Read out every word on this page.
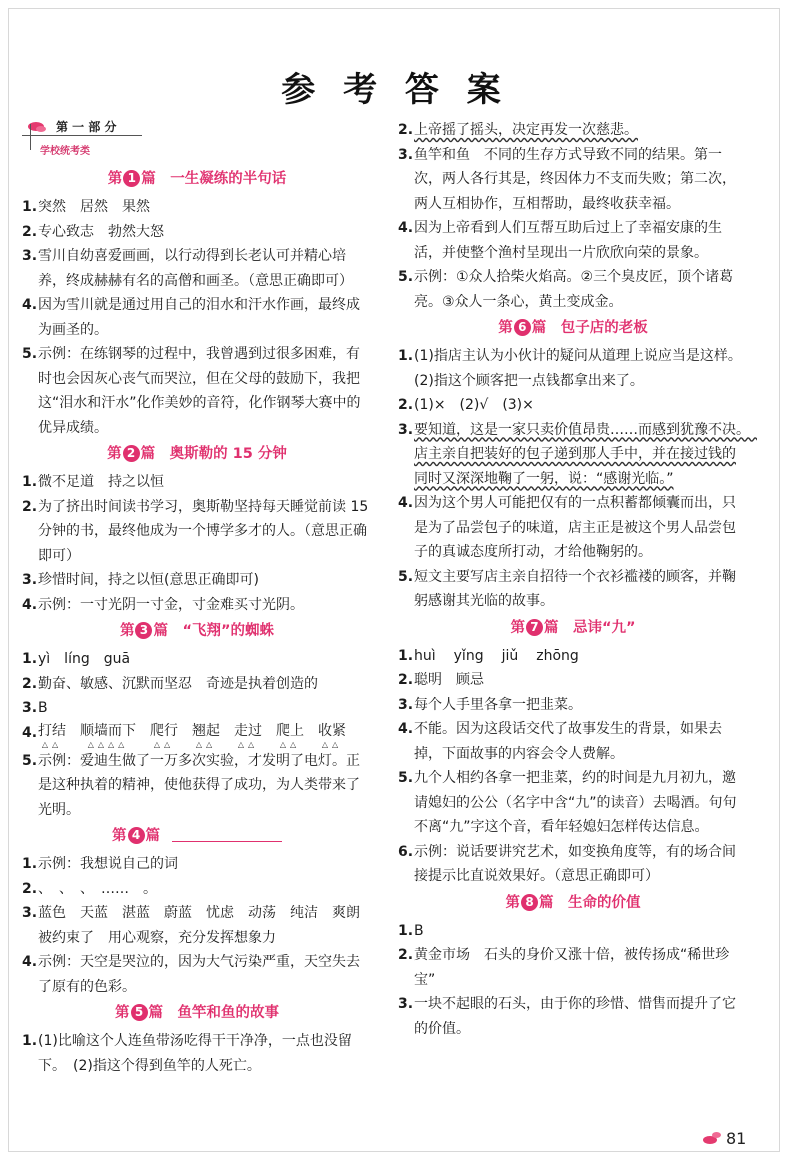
参 考 答 案
第 一 部 分
学校统考类
第 1 篇　一生凝练的半句话
1. 突然　居然　果然
2. 专心致志　勃然大怒
3. 雪川自幼喜爱画画，以行动得到长老认可并精心培养，终成赫赫有名的高僧和画圣。（意思正确即可）
4. 因为雪川就是通过用自己的泪水和汗水作画，最终成为画圣的。
5. 示例：在练钢琴的过程中，我曾遇到过很多困难，有时也会因灰心丧气而哭泣，但在父母的鼓励下，我把这“泪水和汗水”化作美妙的音符，化作钢琴大赛中的优异成绩。
第 2 篇　奥斯勒的 15 分钟
1. 微不足道　持之以恒
2. 为了挤出时间读书学习，奥斯勒坚持每天睡觉前读 15 分钟的书，最终他成为一个博学多才的人。（意思正确即可）
3. 珍惜时间，持之以恒(意思正确即可)
4. 示例：一寸光阴一寸金，寸金难买寸光阴。
第 3 篇　“飞翔”的蜘蛛
1. yì　líng　guā
2. 勤奋、敏感、沉默而坚忍　奇迹是执着创造的
3. B
4. 打结
△△
顺墙而下
△△△△
爬行
△△
翘起
△△
走过
△△
爬上
△△
收紧
△△
5. 示例：爱迪生做了一万多次实验，才发明了电灯。正是这种执着的精神，使他获得了成功，为人类带来了光明。
第 4 篇
1. 示例：我想说自己的词
2. 、　、　、　……　。
3. 蓝色　天蓝　湛蓝　蔚蓝　忧虑　动荡　纯洁　爽朗　被约束了　用心观察，充分发挥想象力
4. 示例：天空是哭泣的，因为大气污染严重，天空失去了原有的色彩。
第 5 篇　鱼竿和鱼的故事
1. (1)比喻这个人连鱼带汤吃得干干净净，一点也没留下。　(2)指这个得到鱼竿的人死亡。
2. 上帝摇了摇头，决定再发一次慈悲。
3. 鱼竿和鱼　不同的生存方式导致不同的结果。第一次，两人各行其是，终因体力不支而失败；第二次，两人互相协作，互相帮助，最终收获幸福。
4. 因为上帝看到人们互帮互助后过上了幸福安康的生活，并使整个渔村呈现出一片欣欣向荣的景象。
5. 示例：①众人拾柴火焰高。②三个臭皮匠，顶个诸葛亮。③众人一条心，黄土变成金。
第 6 篇　包子店的老板
1. (1)指店主认为小伙计的疑问从道理上说应当是这样。　(2)指这个顾客把一点钱都拿出来了。
2. (1)×　(2)√　(3)×
3. 要知道，这是一家只卖价值昂贵……而感到犹豫不决。　店主亲自把装好的包子递到那人手中，并在接过钱的同时又深深地鞠了一躬，说：“感谢光临。”
4. 因为这个男人可能把仅有的一点积蓄都倾囊而出，只是为了品尝包子的味道，店主正是被这个男人品尝包子的真诚态度所打动，才给他鞠躬的。
5. 短文主要写店主亲自招待一个衣衫褴褛的顾客，并鞠躬感谢其光临的故事。
第 7 篇　忌讳“九”
1. huì yǐng jiǔ zhōng
2. 聪明　顾忌
3. 每个人手里各拿一把韭菜。
4. 不能。因为这段话交代了故事发生的背景，如果去掉，下面故事的内容会令人费解。
5. 九个人相约各拿一把韭菜，约的时间是九月初九，邀请媳妇的公公（名字中含“九”的读音）去喝酒。句句不离“九”字这个音，看年轻媳妇怎样传达信息。
6. 示例：说话要讲究艺术，如变换角度等，有的场合间接提示比直说效果好。（意思正确即可）
第 8 篇　生命的价值
1. B
2. 黄金市场　石头的身价又涨十倍，被传扬成“稀世珍宝”
3. 一块不起眼的石头，由于你的珍惜、惜售而提升了它的价值。
81
